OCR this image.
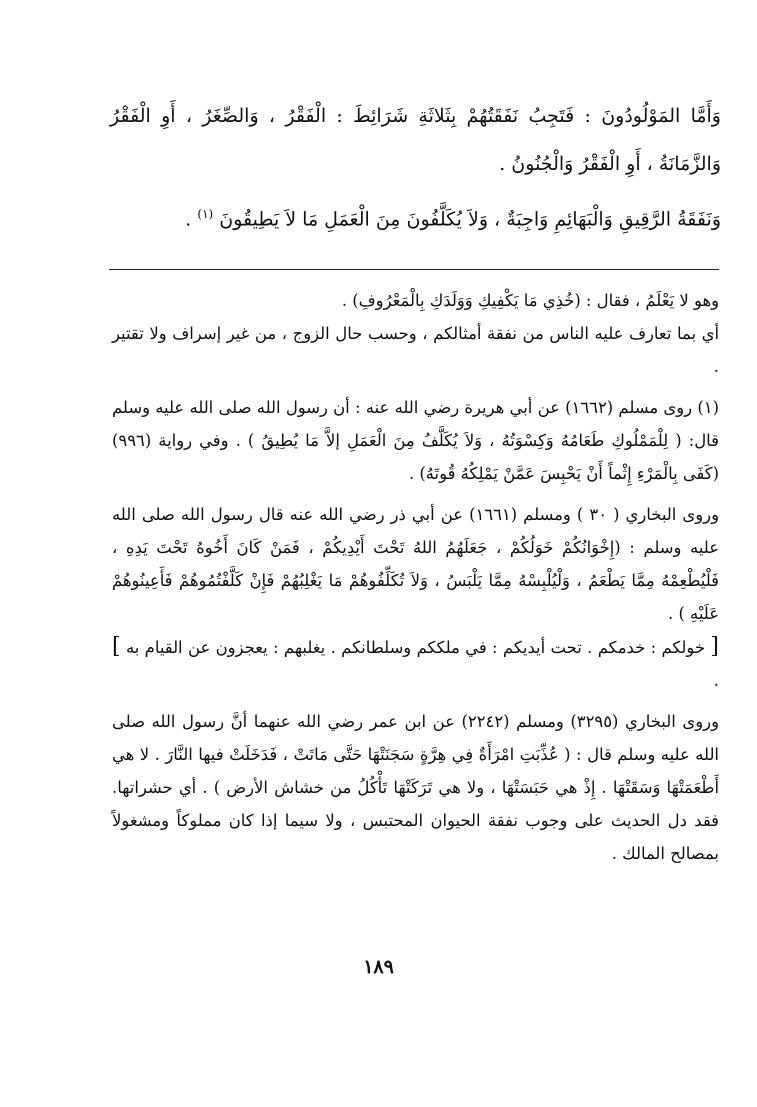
وَأَمَّا المَوْلُودُونَ : فَتَجِبُ نَفَقَتُهُمْ بِثَلاثَةِ شَرَائِطَ : الْفَقْرُ ، وَالصِّغَرُ ، أَوِ الْفَقْرُ وَالزَّمَانَةُ ، أَوِ الْفَقْرُ وَالْجُنُونُ .

وَنَفَقَةُ الرَّقِيقِ وَالْبَهَائِمِ وَاجِبَةٌ ، وَلاَ يُكَلَّفُونَ مِنَ الْعَمَلِ مَا لاَ يَطِيقُونَ $^{(١)}$ .

وهو لا يَعْلَمُ ، فقال : (خُذِي مَا يَكْفِيكِ وَوَلَدَكِ بِالْمَعْرُوفِ) .

أي بما تعارف عليه الناس من نفقة أمثالكم ، وحسب حال الزوج ، من غير إسراف ولا تقتير .

(١) روى مسلم (١٦٦٢) عن أبي هريرة رضي الله عنه : أن رسول الله صلى الله عليه وسلم قال: ( لِلْمَمْلُوكِ طَعَامُهُ وَكِسْوَتُهُ ، وَلاَ يُكَلَّفُ مِنَ الْعَمَلِ إلاَّ مَا يُطِيقُ ) . وفي رواية (٩٩٦) (كَفَى بِالْمَرْءِ إِثْماً أَنْ يَحْبِسَ عَمَّنْ يَمْلِكُهُ قُوتَهُ) .

وروى البخاري ( ٣٠ ) ومسلم (١٦٦١) عن أبي ذر رضي الله عنه قال رسول الله صلى الله عليه وسلم : (إِخْوَانُكُمْ خَوَلُكُمْ ، جَعَلَهُمُ اللهُ تَحْتَ أَيْدِيكُمْ ، فَمَنْ كَانَ أَخُوهُ تَحْتَ يَدِهِ ، فَلْيُطْعِمْهُ مِمَّا يَطْعَمُ ، وَلْيُلْبِسْهُ مِمَّا يَلْبَسُ ، وَلاَ تُكَلِّفُوهُمْ مَا يَغْلِبُهُمْ فَإِنْ كَلَّفْتُمُوهُمْ فَأَعِينُوهُمْ عَلَيْهِ ) .

[ خولكم : خدمكم . تحت أيديكم : في ملككم وسلطانكم . يغلبهم : يعجزون عن القيام به ] .

وروى البخاري (٣٢٩٥) ومسلم (٢٢٤٢) عن ابن عمر رضي الله عنهما أنَّ رسول الله صلى الله عليه وسلم قال : ( عُذِّبَتِ امْرَأَةٌ فِي هِرَّةٍ سَجَنَتْهَا حَتَّى مَاتَتْ ، فَدَخَلَتْ فيها النَّارَ . لا هي أَطْعَمَتْهَا وَسَقَتْهَا . إِذْ هي حَبَسَتْهَا ، ولا هي تَرَكَتْهَا تَأْكُلُ من خشاش الأرض ) . أي حشراتها. فقد دل الحديث على وجوب نفقة الحيوان المحتبس ، ولا سيما إذا كان مملوكاً ومشغولاً بمصالح المالك .

١٨٩
